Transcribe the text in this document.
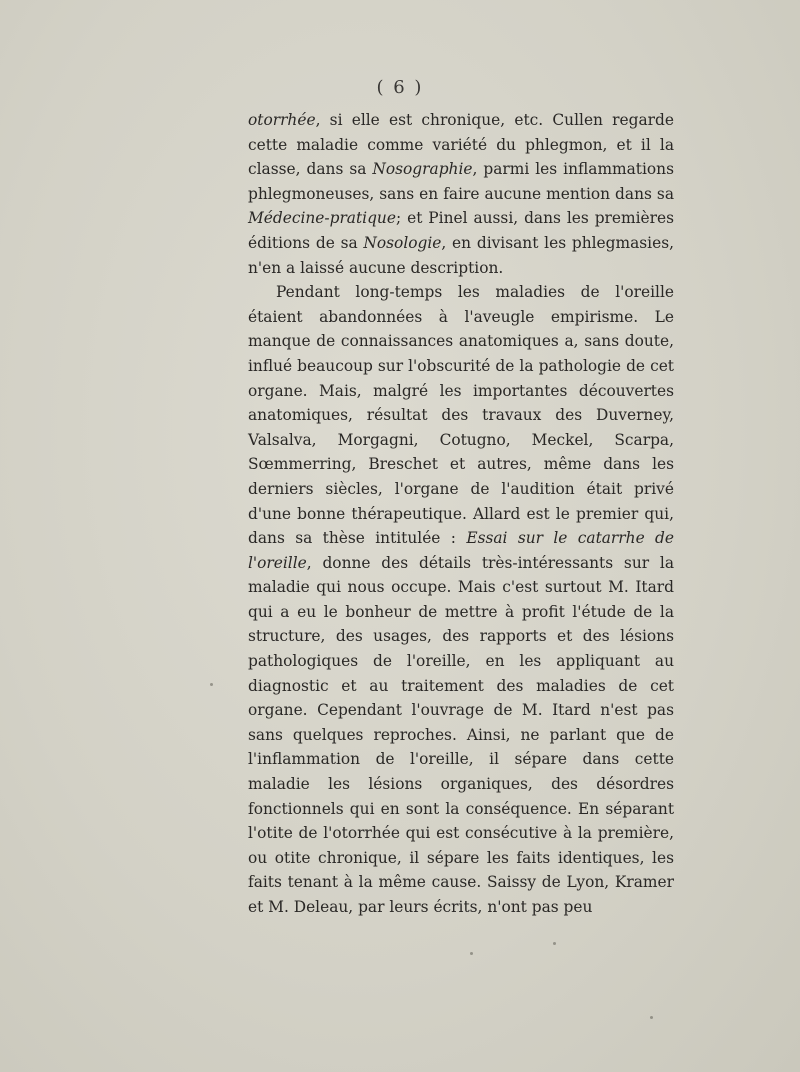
( 6 )

otorrhée, si elle est chronique, etc. Cullen regarde cette maladie comme variété du phlegmon, et il la classe, dans sa Nosographie, parmi les inflammations phlegmoneuses, sans en faire aucune mention dans sa Médecine-pratique; et Pinel aussi, dans les premières éditions de sa Nosologie, en divisant les phlegmasies, n'en a laissé aucune description.

Pendant long-temps les maladies de l'oreille étaient abandonnées à l'aveugle empirisme. Le manque de connaissances anatomiques a, sans doute, influé beaucoup sur l'obscurité de la pathologie de cet organe. Mais, malgré les importantes découvertes anatomiques, résultat des travaux des Duverney, Valsalva, Morgagni, Cotugno, Meckel, Scarpa, Sœmmerring, Breschet et autres, même dans les derniers siècles, l'organe de l'audition était privé d'une bonne thérapeutique. Allard est le premier qui, dans sa thèse intitulée : Essai sur le catarrhe de l'oreille, donne des détails très-intéressants sur la maladie qui nous occupe. Mais c'est surtout M. Itard qui a eu le bonheur de mettre à profit l'étude de la structure, des usages, des rapports et des lésions pathologiques de l'oreille, en les appliquant au diagnostic et au traitement des maladies de cet organe. Cependant l'ouvrage de M. Itard n'est pas sans quelques reproches. Ainsi, ne parlant que de l'inflammation de l'oreille, il sépare dans cette maladie les lésions organiques, des désordres fonctionnels qui en sont la conséquence. En séparant l'otite de l'otorrhée qui est consécutive à la première, ou otite chronique, il sépare les faits identiques, les faits tenant à la même cause. Saissy de Lyon, Kramer et M. Deleau, par leurs écrits, n'ont pas peu
